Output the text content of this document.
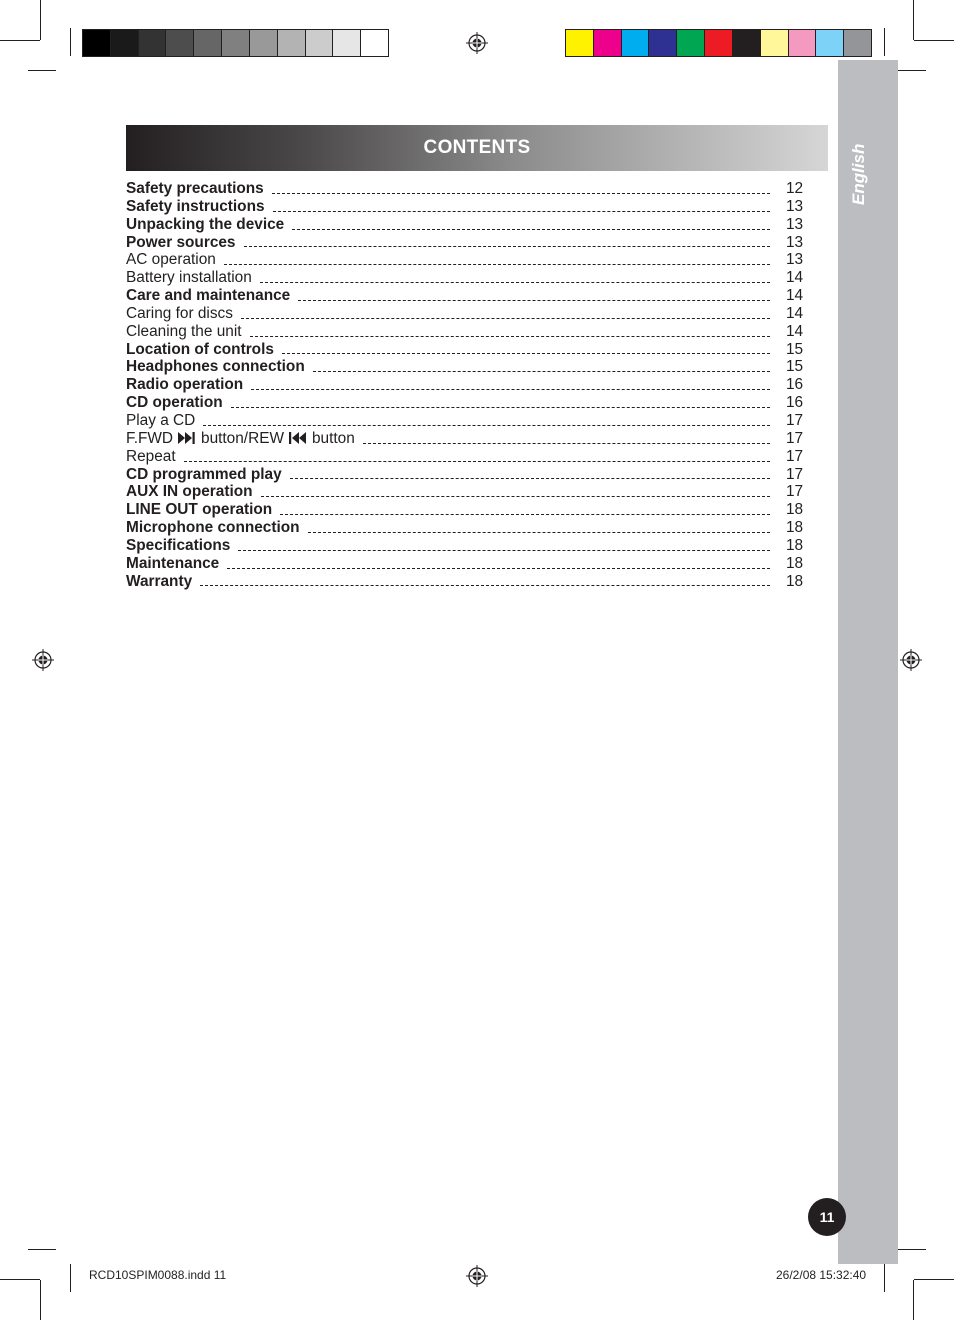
English
CONTENTS
Safety precautions	12
Safety instructions	13
Unpacking the device	13
Power sources	13
AC operation	13
Battery installation	14
Care and maintenance	14
Caring for discs	14
Cleaning the unit	14
Location of controls	15
Headphones connection	15
Radio operation	16
CD operation	16
Play a CD	17
F.FWD button/REW button	17
Repeat	17
CD programmed play	17
AUX IN operation	17
LINE OUT operation	18
Microphone connection	18
Specifications	18
Maintenance	18
Warranty	18
11
RCD10SPIM0088.indd 11	26/2/08 15:32:40
